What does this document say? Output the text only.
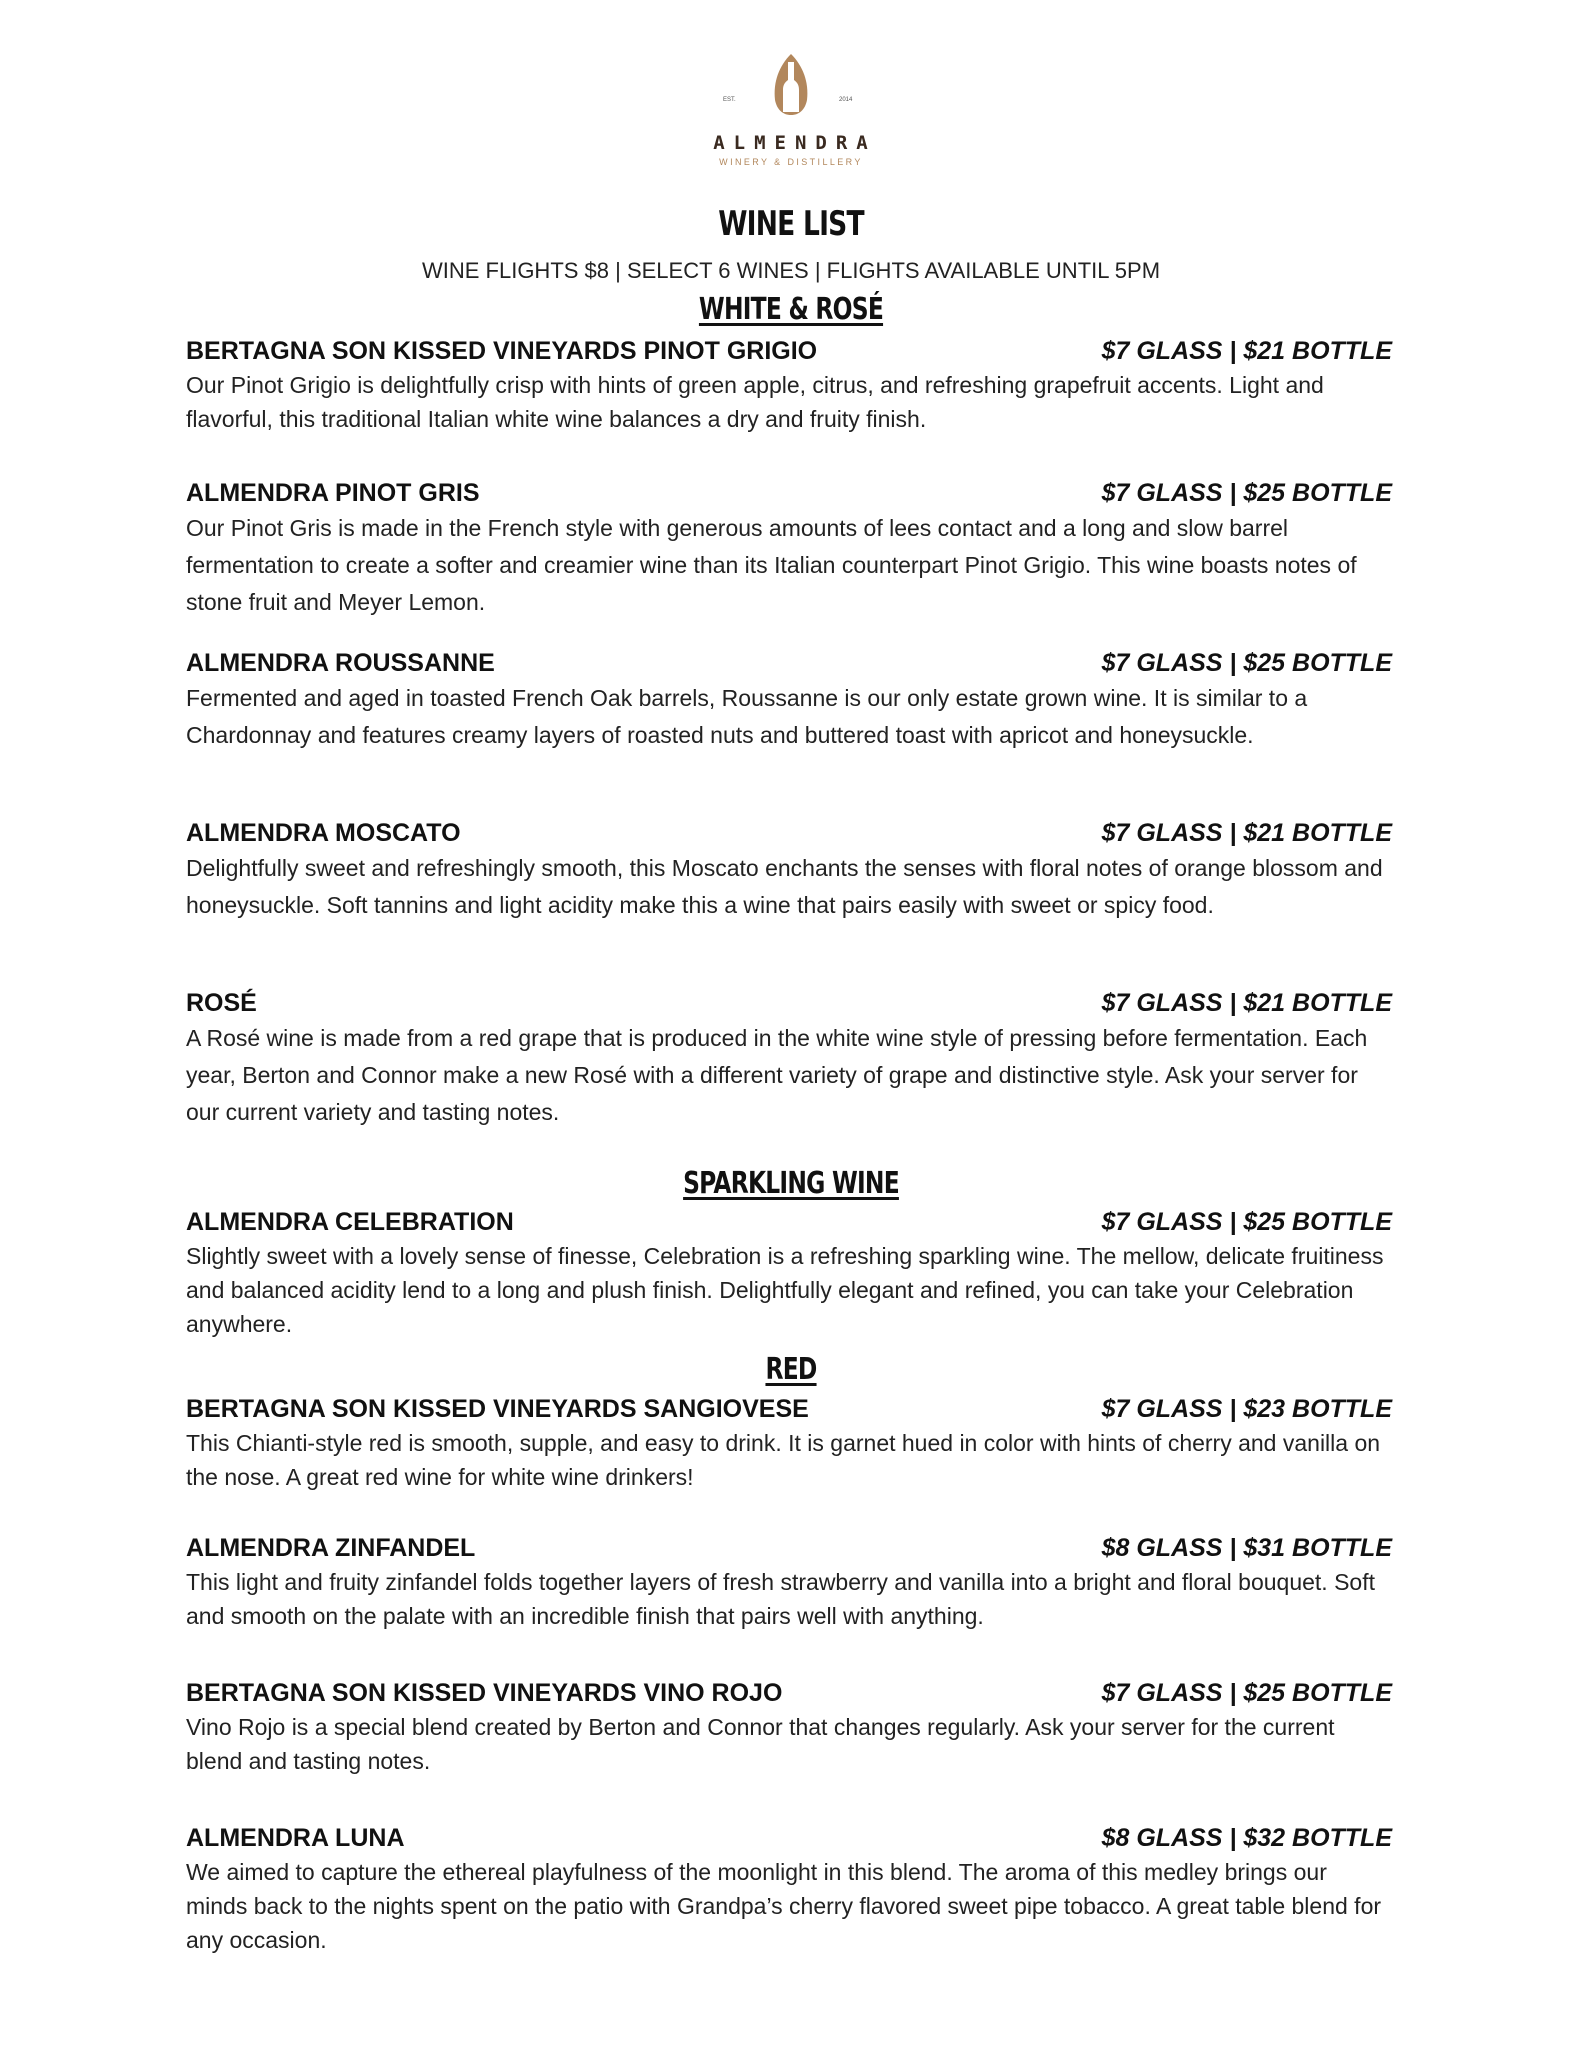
EST.	2014
ALMENDRA
WINERY & DISTILLERY
WINE LIST
WINE FLIGHTS $8 | SELECT 6 WINES | FLIGHTS AVAILABLE UNTIL 5PM
WHITE & ROSÉ
BERTAGNA SON KISSED VINEYARDS PINOT GRIGIO	$7 GLASS | $21 BOTTLE
Our Pinot Grigio is delightfully crisp with hints of green apple, citrus, and refreshing grapefruit accents. Light and flavorful, this traditional Italian white wine balances a dry and fruity finish.
ALMENDRA PINOT GRIS	$7 GLASS | $25 BOTTLE
Our Pinot Gris is made in the French style with generous amounts of lees contact and a long and slow barrel fermentation to create a softer and creamier wine than its Italian counterpart Pinot Grigio. This wine boasts notes of stone fruit and Meyer Lemon.
ALMENDRA ROUSSANNE	$7 GLASS | $25 BOTTLE
Fermented and aged in toasted French Oak barrels, Roussanne is our only estate grown wine. It is similar to a Chardonnay and features creamy layers of roasted nuts and buttered toast with apricot and honeysuckle.
ALMENDRA MOSCATO	$7 GLASS | $21 BOTTLE
Delightfully sweet and refreshingly smooth, this Moscato enchants the senses with floral notes of orange blossom and honeysuckle. Soft tannins and light acidity make this a wine that pairs easily with sweet or spicy food.
ROSÉ	$7 GLASS | $21 BOTTLE
A Rosé wine is made from a red grape that is produced in the white wine style of pressing before fermentation. Each year, Berton and Connor make a new Rosé with a different variety of grape and distinctive style. Ask your server for our current variety and tasting notes.
SPARKLING WINE
ALMENDRA CELEBRATION	$7 GLASS | $25 BOTTLE
Slightly sweet with a lovely sense of finesse, Celebration is a refreshing sparkling wine. The mellow, delicate fruitiness and balanced acidity lend to a long and plush finish. Delightfully elegant and refined, you can take your Celebration anywhere.
RED
BERTAGNA SON KISSED VINEYARDS SANGIOVESE	$7 GLASS | $23 BOTTLE
This Chianti-style red is smooth, supple, and easy to drink. It is garnet hued in color with hints of cherry and vanilla on the nose. A great red wine for white wine drinkers!
ALMENDRA ZINFANDEL	$8 GLASS | $31 BOTTLE
This light and fruity zinfandel folds together layers of fresh strawberry and vanilla into a bright and floral bouquet. Soft and smooth on the palate with an incredible finish that pairs well with anything.
BERTAGNA SON KISSED VINEYARDS VINO ROJO	$7 GLASS | $25 BOTTLE
Vino Rojo is a special blend created by Berton and Connor that changes regularly. Ask your server for the current blend and tasting notes.
ALMENDRA LUNA	$8 GLASS | $32 BOTTLE
We aimed to capture the ethereal playfulness of the moonlight in this blend. The aroma of this medley brings our minds back to the nights spent on the patio with Grandpa’s cherry flavored sweet pipe tobacco. A great table blend for any occasion.
